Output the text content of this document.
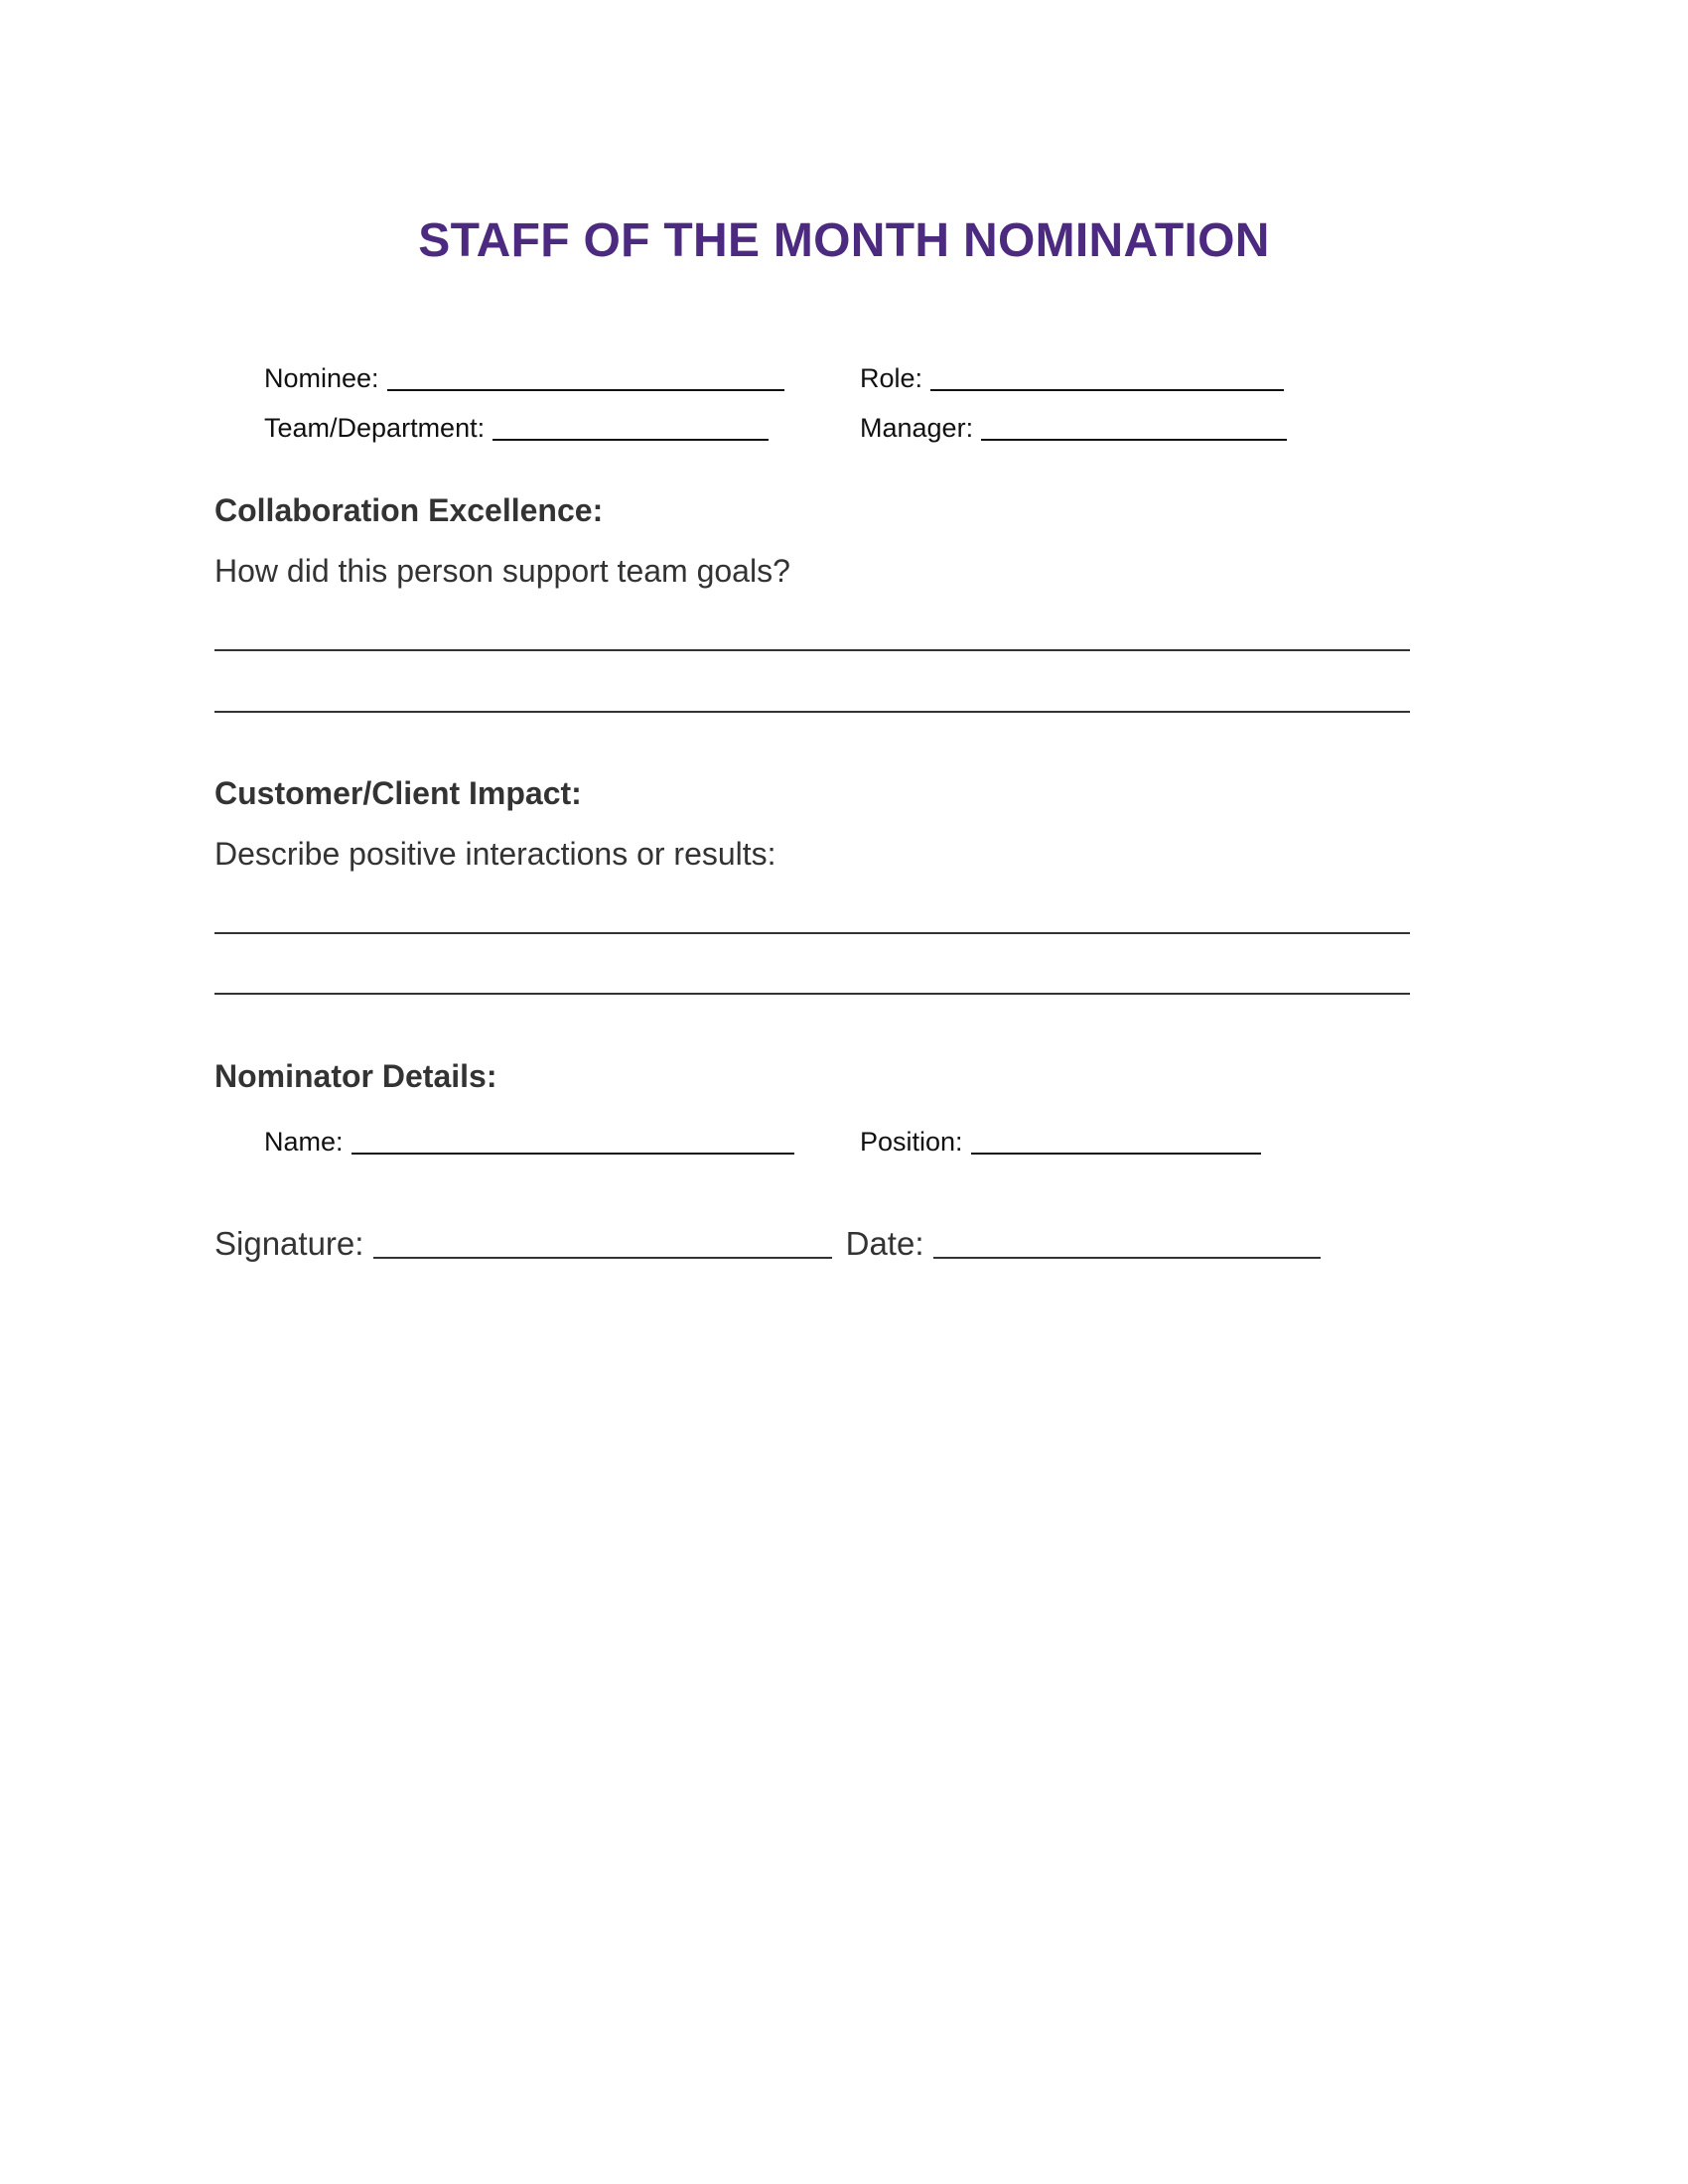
STAFF OF THE MONTH NOMINATION
Nominee:	Role:
Team/Department:	Manager:
Collaboration Excellence:
How did this person support team goals?
Customer/Client Impact:
Describe positive interactions or results:
Nominator Details:
Name:	Position:
Signature:	Date:
